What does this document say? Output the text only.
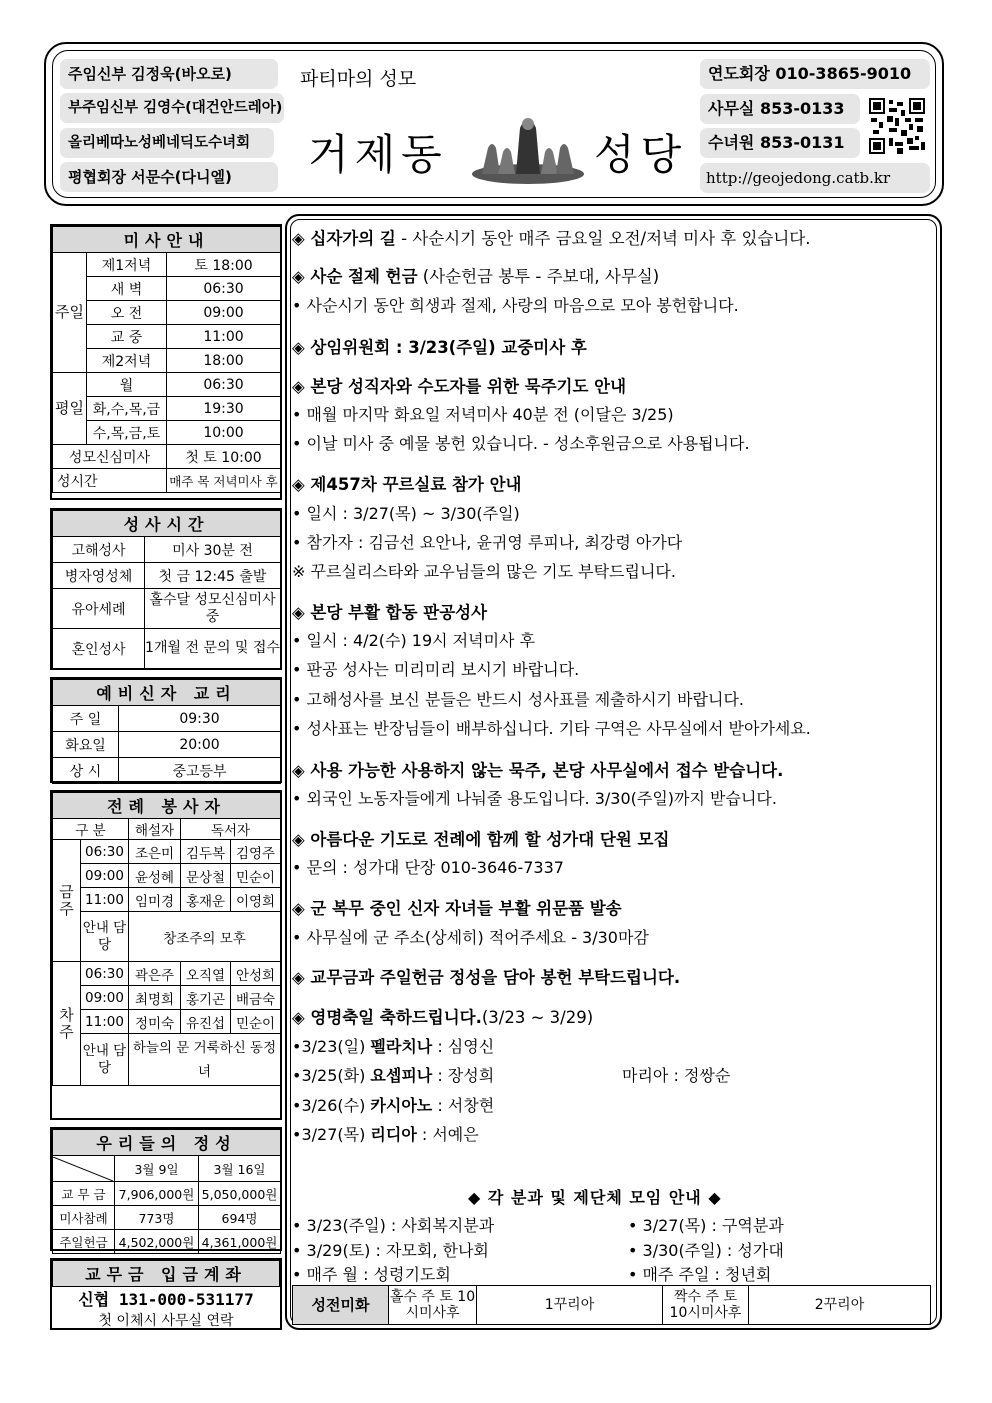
주임신부 김정욱(바오로)
부주임신부 김영수(대건안드레아)
올리베따노성베네딕도수녀회
평협회장 서문수(다니엘)
파티마의 성모
거제동	성당
연도회장 010-3865-9010
사무실 853-0133
수녀원 853-0131
http://geojedong.catb.kr
미사안내		
주일	제1저녁	토 18:00
	새 벽	06:30
	오 전	09:00
	교 중	11:00
	제2저녁	18:00
평일	월	06:30
	화,수,목,금	19:30
	수,목,금,토	10:00
성모신심미사		첫 토 10:00
성시간		매주 목 저녁미사 후
성사시간	
고해성사	미사 30분 전
병자영성체	첫 금 12:45 출발
유아세례	홀수달 성모신심미사 중
혼인성사	1개월 전 문의 및 접수
예비신자 교리	
주 일	09:30
화요일	20:00
상 시	중고등부
전례 봉사자				
구 분		해설자	독서자	
금주	06:30	조은미	김두복	김영주
	09:00	윤성혜	문상철	민순이
	11:00	임미경	홍재운	이영희
	안내 담당	창조주의 모후		
차주	06:30	곽은주	오직열	안성희
	09:00	최명희	홍기곤	배금숙
	11:00	정미숙	유진섭	민순이
	안내 담당	하늘의 문 거룩하신 동정녀		
우리들의 정성		

	3월 9일	3월 16일
교 무 금	7,906,000원	5,050,000원
미사참례	773명	694명
주일헌금	4,502,000원	4,361,000원
교무금 입금계좌
신협 131-000-531177
첫 이체시 사무실 연락
◈ 십자가의 길 - 사순시기 동안 매주 금요일 오전/저녁 미사 후 있습니다.
◈ 사순 절제 헌금 (사순헌금 봉투 - 주보대, 사무실)
• 사순시기 동안 희생과 절제, 사랑의 마음으로 모아 봉헌합니다.
◈ 상임위원회 : 3/23(주일) 교중미사 후
◈ 본당 성직자와 수도자를 위한 묵주기도 안내
• 매월 마지막 화요일 저녁미사 40분 전 (이달은 3/25)
• 이날 미사 중 예물 봉헌 있습니다. - 성소후원금으로 사용됩니다.
◈ 제457차 꾸르실료 참가 안내
• 일시 : 3/27(목) ~ 3/30(주일)
• 참가자 : 김금선 요안나, 윤귀영 루피나, 최강령 아가다
※ 꾸르실리스타와 교우님들의 많은 기도 부탁드립니다.
◈ 본당 부활 합동 판공성사
• 일시 : 4/2(수) 19시 저녁미사 후
• 판공 성사는 미리미리 보시기 바랍니다.
• 고해성사를 보신 분들은 반드시 성사표를 제출하시기 바랍니다.
• 성사표는 반장님들이 배부하십니다. 기타 구역은 사무실에서 받아가세요.
◈ 사용 가능한 사용하지 않는 묵주, 본당 사무실에서 접수 받습니다.
• 외국인 노동자들에게 나눠줄 용도입니다. 3/30(주일)까지 받습니다.
◈ 아름다운 기도로 전례에 함께 할 성가대 단원 모집
• 문의 : 성가대 단장 010-3646-7337
◈ 군 복무 중인 신자 자녀들 부활 위문품 발송
• 사무실에 군 주소(상세히) 적어주세요 - 3/30마감
◈ 교무금과 주일헌금 정성을 담아 봉헌 부탁드립니다.
◈ 영명축일 축하드립니다.(3/23 ~ 3/29)
•3/23(일) 펠라치나 : 심영신
•3/25(화) 요셉피나 : 장성희	마리아 : 정쌍순
•3/26(수) 카시아노 : 서창현
•3/27(목) 리디아 : 서예은
◆ 각 분과 및 제단체 모임 안내 ◆
• 3/23(주일) : 사회복지분과
• 3/29(토) : 자모회, 한나회
• 매주 월 : 성령기도회
• 3/27(목) : 구역분과
• 3/30(주일) : 성가대
• 매주 주일 : 청년회
성전미화	홀수 주 토 10시미사후	1꾸리아	짝수 주 토 10시미사후	2꾸리아
